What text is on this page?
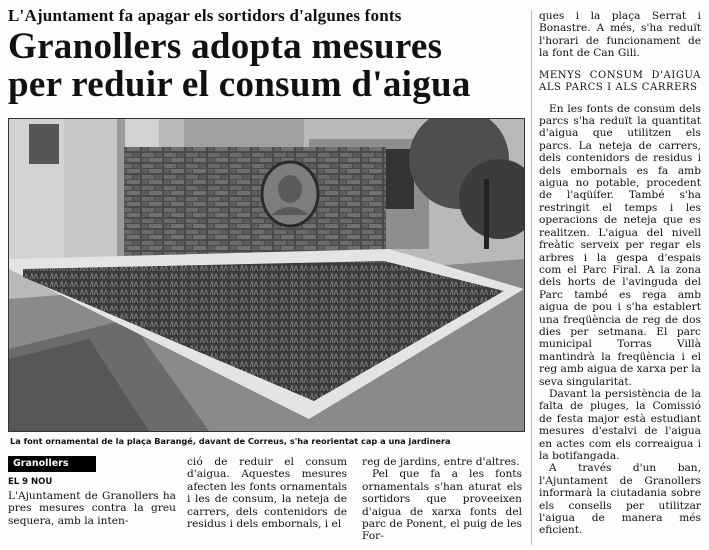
L'Ajuntament fa apagar els sortidors d'algunes fonts
Granollers adopta mesures
per reduir el consum d'aigua
La font ornamental de la plaça Barangé, davant de Correus, s'ha reorientat cap a una jardinera
Granollers
EL 9 NOU

L'Ajuntament de Granollers ha pres mesures contra la greu sequera, amb la inten-

ció de reduir el consum d'aigua. Aquestes mesures afecten les fonts ornamentals i les de consum, la neteja de carrers, dels contenidors de residus i dels embornals, i el

reg de jardins, entre d'altres.

Pel que fa a les fonts ornamentals s'han aturat els sortidors que proveeixen d'aigua de xarxa fonts del parc de Ponent, el puig de les For-

ques i la plaça Serrat i Bonastre. A més, s'ha reduït l'horari de funcionament de la font de Can Gili.

MENYS CONSUM D'AIGUA ALS PARCS I ALS CARRERS

En les fonts de consum dels parcs s'ha reduït la quantitat d'aigua que utilitzen els parcs. La neteja de carrers, dels contenidors de residus i dels embornals es fa amb aigua no potable, procedent de l'aqüífer. També s'ha restringit el temps i les operacions de neteja que es realitzen. L'aigua del nivell freàtic serveix per regar els arbres i la gespa d'espais com el Parc Firal. A la zona dels horts de l'avinguda del Parc també es rega amb aigua de pou i s'ha establert una freqüència de reg de dos dies per setmana. El parc municipal Torras Villà mantindrà la freqüència i el reg amb aigua de xarxa per la seva singularitat.

Davant la persistència de la falta de pluges, la Comissió de festa major està estudiant mesures d'estalvi de l'aigua en actes com els correaigua i la botifangada.

A través d'un ban, l'Ajuntament de Granollers informarà la ciutadania sobre els consells per utilitzar l'aigua de manera més eficient.
